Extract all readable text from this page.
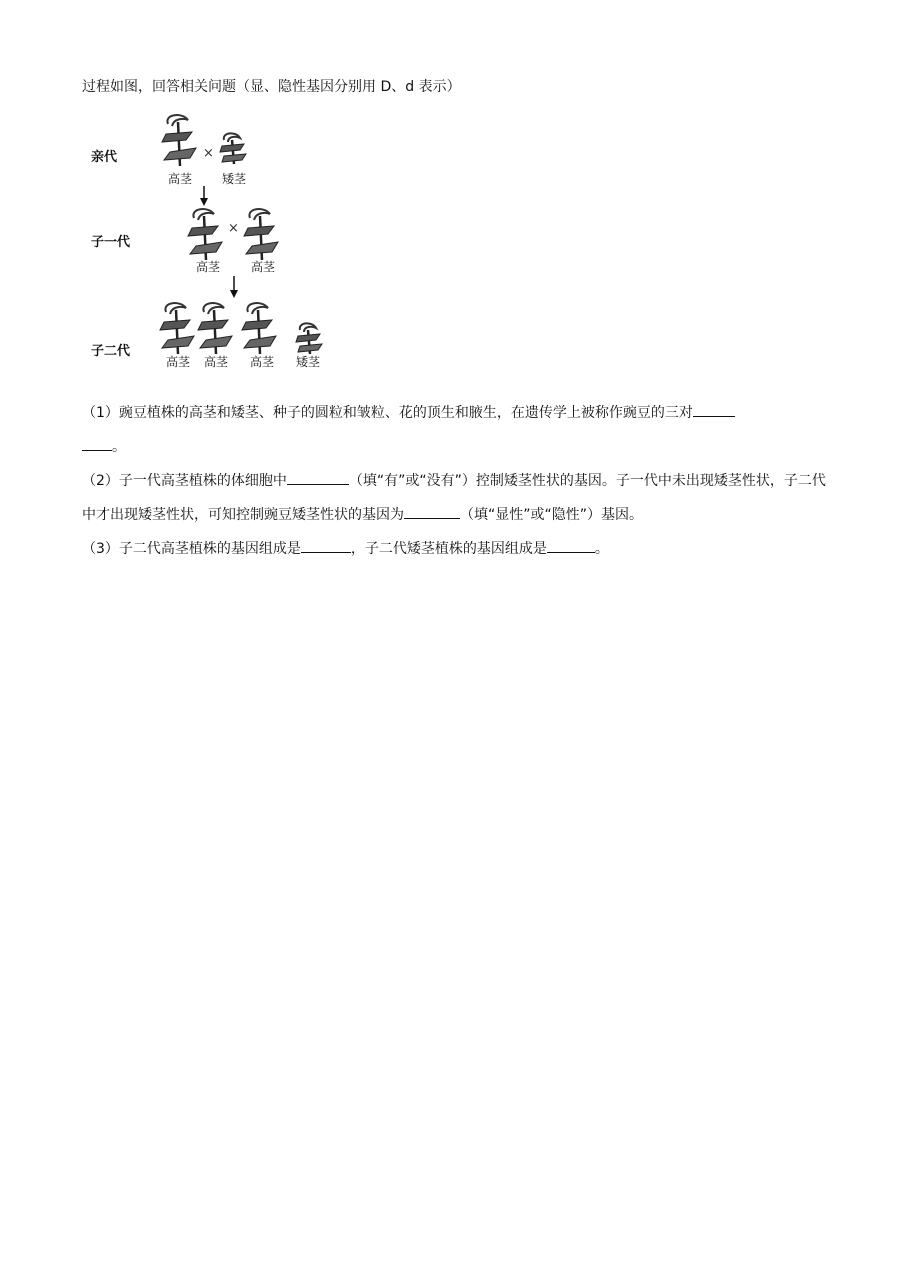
过程如图，回答相关问题（显、隐性基因分别用 D、d 表示）
亲代
子一代
子二代
×
高茎 矮茎
×
高茎	高茎
高茎 高茎 高茎 矮茎
（1）豌豆植株的高茎和矮茎、种子的圆粒和皱粒、花的顶生和腋生，在遗传学上被称作豌豆的三对
。
（2）子一代高茎植株的体细胞中	（填“有”或“没有”）控制矮茎性状的基因。子一代中未出现矮茎性状，子二代中才出现矮茎性状，可知控制豌豆矮茎性状的基因为	（填“显性”或“隐性”）基因。
（3）子二代高茎植株的基因组成是	，子二代矮茎植株的基因组成是	。
